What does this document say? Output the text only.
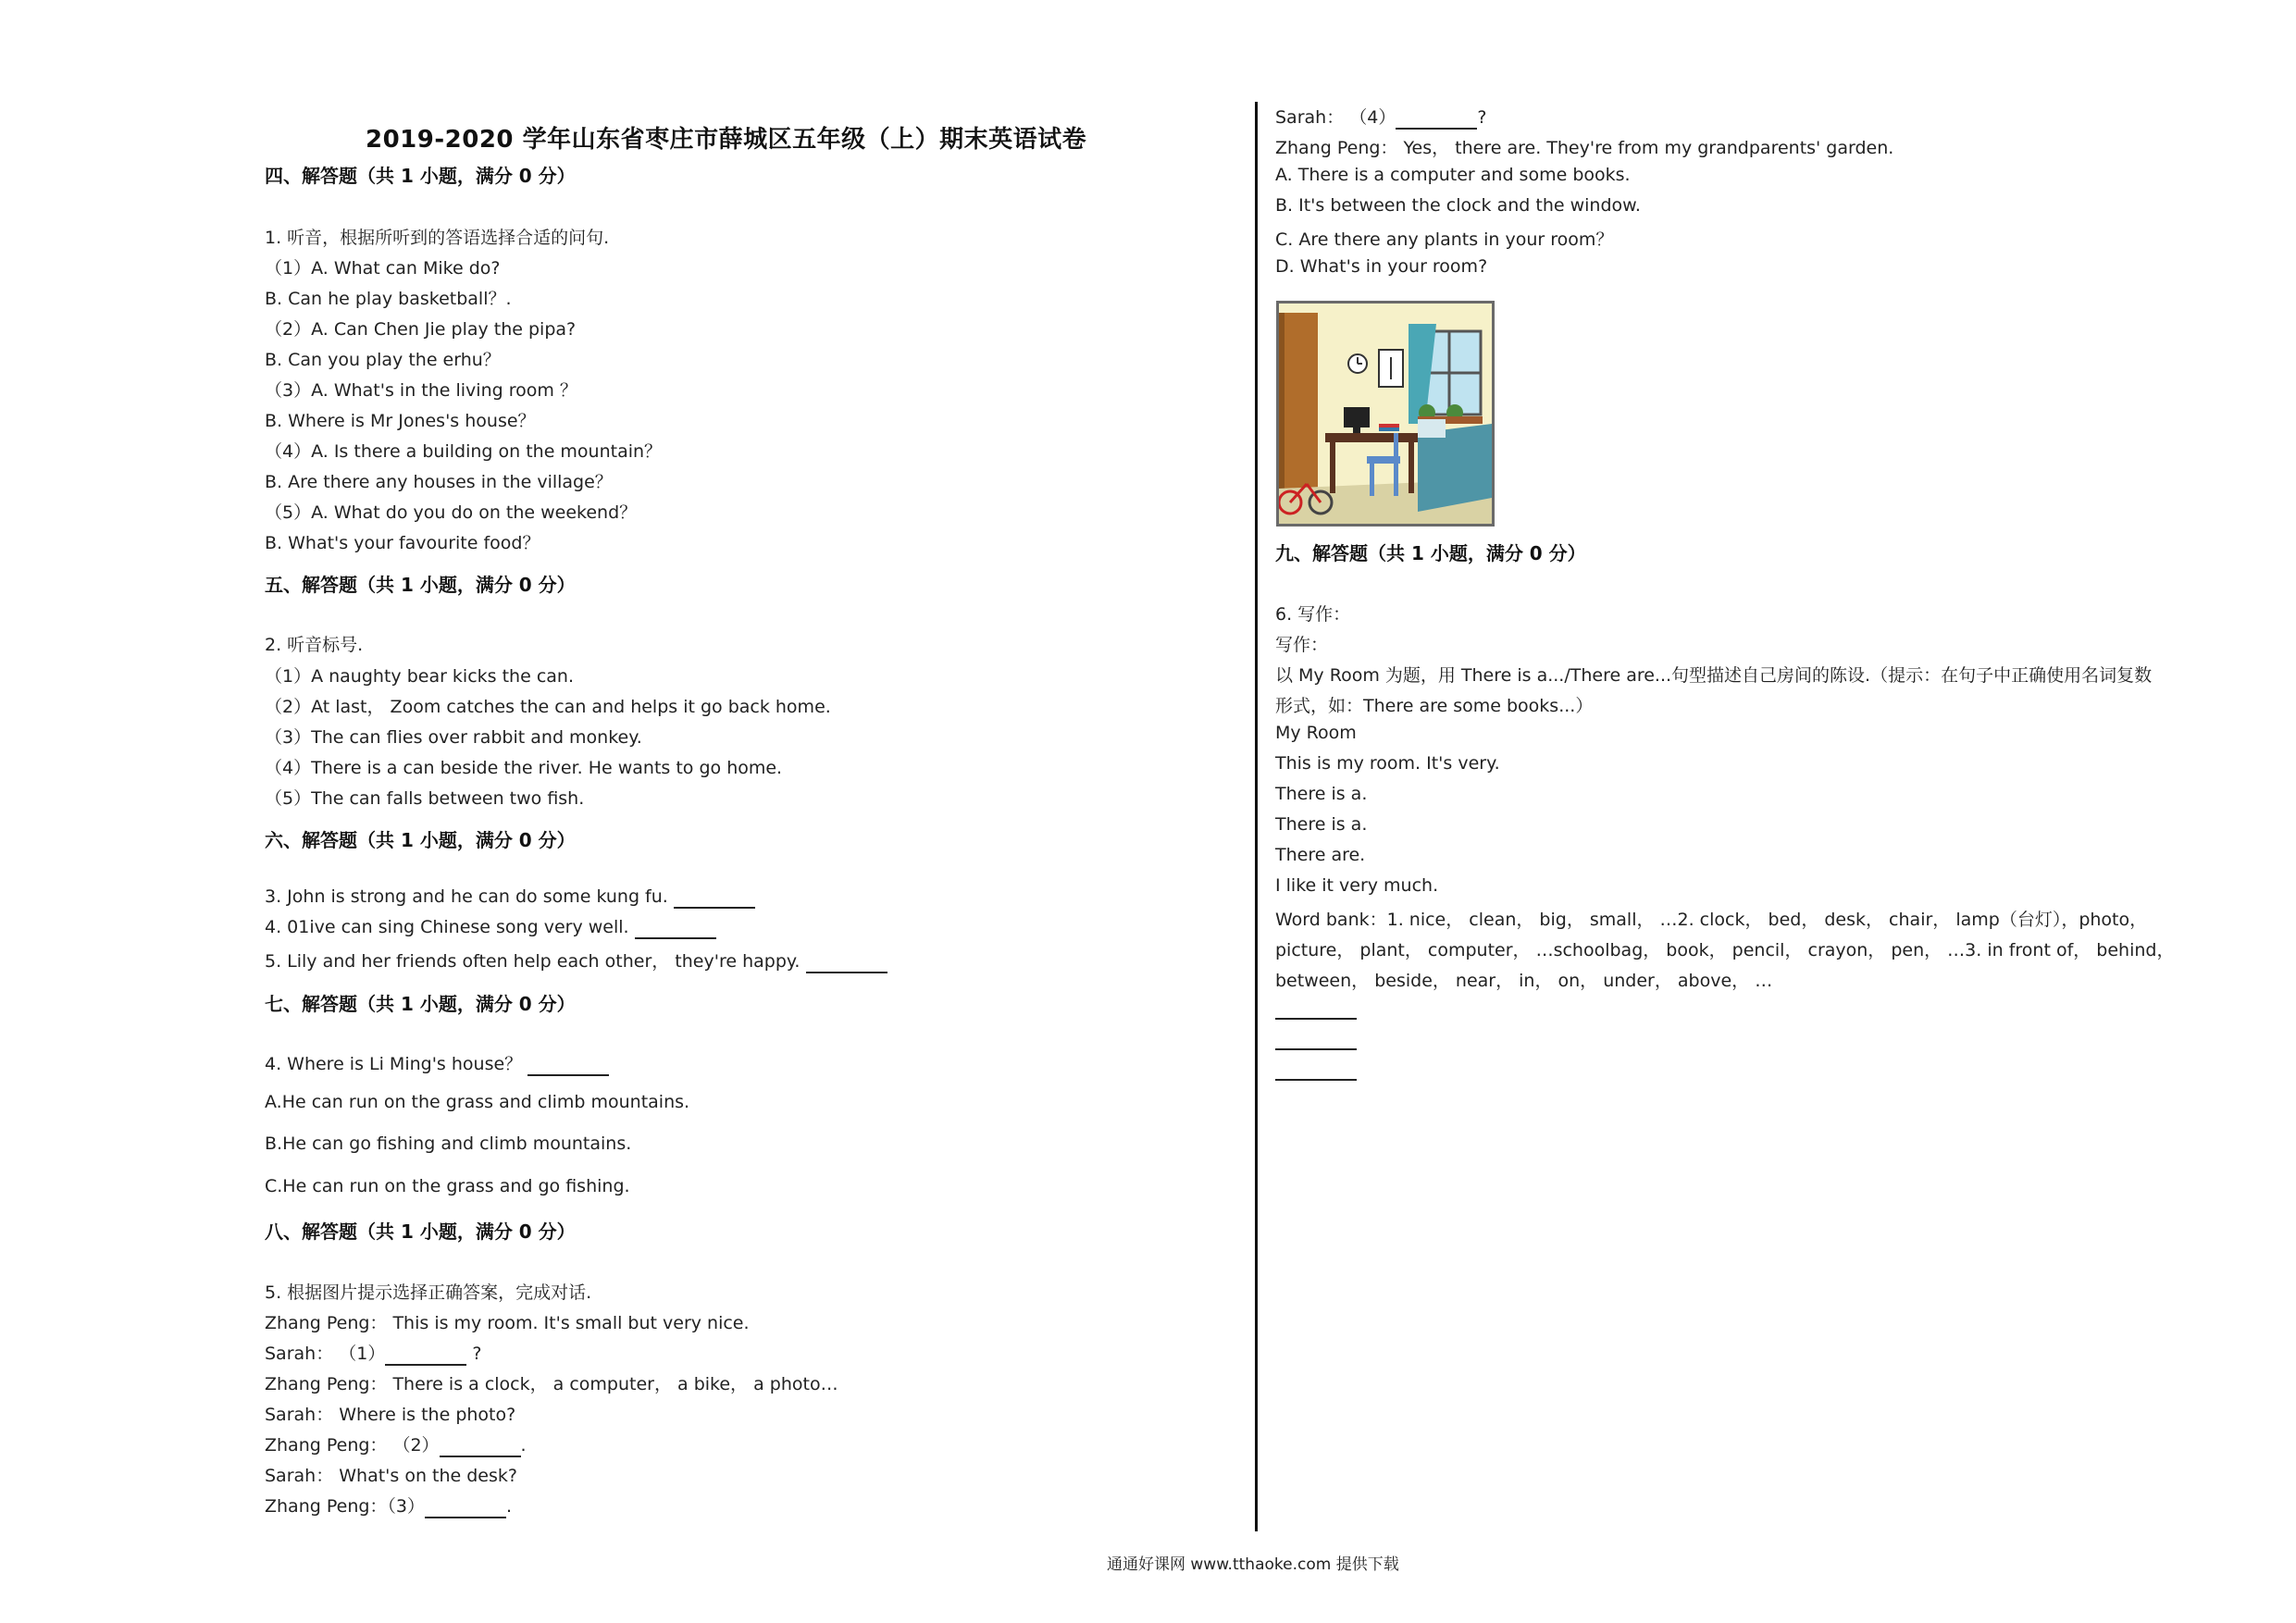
2019-2020 学年山东省枣庄市薛城区五年级（上）期末英语试卷
四、解答题（共 1 小题，满分 0 分）
1. 听音，根据所听到的答语选择合适的问句.
（1）A. What can Mike do?
B. Can he play basketball？.
（2）A. Can Chen Jie play the pipa?
B. Can you play the erhu？
（3）A. What's in the living room ？
B. Where is Mr Jones's house？
（4）A. Is there a building on the mountain？
B. Are there any houses in the village？
（5）A. What do you do on the weekend？
B. What's your favourite food？
五、解答题（共 1 小题，满分 0 分）
2. 听音标号.
（1）A naughty bear kicks the can.
（2）At last， Zoom catches the can and helps it go back home.
（3）The can flies over rabbit and monkey.
（4）There is a can beside the river. He wants to go home.
（5）The can falls between two fish.
六、解答题（共 1 小题，满分 0 分）
3. John is strong and he can do some kung fu.
4. 01ive can sing Chinese song very well.
5. Lily and her friends often help each other， they're happy.
七、解答题（共 1 小题，满分 0 分）
4. Where is Li Ming's house？
A.He can run on the grass and climb mountains.
B.He can go fishing and climb mountains.
C.He can run on the grass and go fishing.
八、解答题（共 1 小题，满分 0 分）
5. 根据图片提示选择正确答案，完成对话.
Zhang Peng： This is my room. It's small but very nice.
Sarah： （1）	?
Zhang Peng： There is a clock， a computer， a bike， a photo…
Sarah： Where is the photo?
Zhang Peng： （2）	.
Sarah： What's on the desk?
Zhang Peng：（3）	.
Sarah： （4）	?
Zhang Peng： Yes， there are. They're from my grandparents' garden.
A. There is a computer and some books.
B. It's between the clock and the window.
C. Are there any plants in your room？
D. What's in your room?
九、解答题（共 1 小题，满分 0 分）
6. 写作：
写作：
以 My Room 为题，用 There is a.../There are...句型描述自己房间的陈设.（提示：在句子中正确使用名词复数
形式，如：There are some books...）
My Room
This is my room. It's very.
There is a.
There is a.
There are.
I like it very much.
Word bank：1. nice， clean， big， small， …2. clock， bed， desk， chair， lamp（台灯），photo，
picture， plant， computer， …schoolbag， book， pencil， crayon， pen， …3. in front of， behind，
between， beside， near， in， on， under， above， …

通通好课网 www.tthaoke.com 提供下载
